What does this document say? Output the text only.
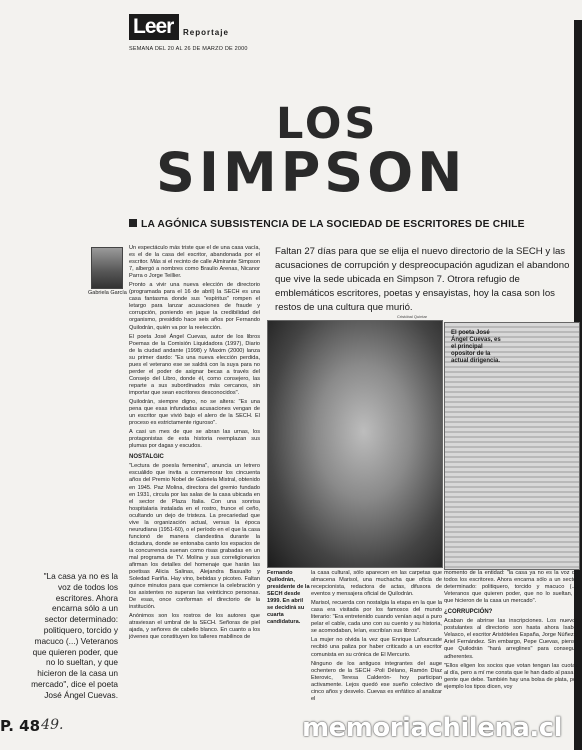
Leer	Reportaje
SEMANA DEL 20 AL 26 DE MARZO DE 2000
LOS
SIMPSON
LA AGÓNICA SUBSISTENCIA DE LA SOCIEDAD DE ESCRITORES DE CHILE
Gabriela García

Un espectáculo más triste que el de una casa vacía, es el de la casa del escritor, abandonada por el escritor. Más si el recinto de calle Almirante Simpson 7, albergó a nombres como Braulio Arenas, Nicanor Parra o Jorge Teillier.

Pronto a vivir una nueva elección de directorio (programada para el 16 de abril) la SECH es una casa fantasma donde sus "espíritus" rompen el letargo para lanzar acusaciones de fraude y corrupción, poniendo en jaque la credibilidad del organismo, presidido hace seis años por Fernando Quilodrán, quién va por la reelección.

El poeta José Ángel Cuevas, autor de los libros Poemas de la Comisión Liquidadora (1997), Diario de la ciudad andante (1998) y Maxim (2000) lanza su primer dardo: "Es una nueva elección perdida, pues el veterano ese se saldrá con la suya para no perder el poder de asignar becas a través del Consejo del Libro, donde él, como consejero, las reparte a sus subordinados más cercanos, sin importar que sean escritores desconocidos".

Quilodrán, siempre digno, no se altera: "Es una pena que esas infundadas acusaciones vengan de un escritor que vivió bajo el alero de la SECH. El proceso es estrictamente riguroso".

A casi un mes de que se abran las urnas, los protagonistas de esta historia reemplazan sus plumas por dagas y escudos.

NOSTALGIC

"Lectura de poesía femenina", anuncia un letrero escuálido que invita a conmemorar los cincuenta años del Premio Nobel de Gabriela Mistral, obtenido en 1945. Paz Molina, directora del gremio fundado en 1931, circula por las salas de la casa ubicada en el sector de Plaza Italia. Con una sonrisa hospitalaria instalada en el rostro, frunce el ceño, ocultando un dejo de tristeza. La precariedad que vive la organización actual, versus la época neurudiana (1951-60), o el período en el que la casa funcionó de manera clandestina durante la dictadura, donde se entonaba canto los espacios de la concurrencia suenan como risas grabadas en un mal programa de TV. Molina y sus correligionarios afirman los detalles del homenaje que harán las poetisas Alicia Salinas, Alejandra Basualto y Soledad Fariña. Hay vino, bebidas y picoteo. Faltan quince minutos para que comience la celebración y los asistentes no superan las veinticinco personas. De esas, once conforman el directorio de la institución.

Anónimos son los rostros de los autores que atraviesan el umbral de la SECH. Señoras de piel ajada, y señores de cabello blanco. En cuanto a los jóvenes que constituyen los talleres mabilinos de

Faltan 27 días para que se elija el nuevo directorio de la SECH y las acusaciones de corrupción y despreocupación agudizan el abandono que vive la sede ubicada en Simpson 7. Otrora refugio de emblemáticos escritores, poetas y ensayistas, hoy la casa son los restos de una cultura que murió.
Cristóbal Quintar
El poeta José Ángel Cuevas, es el principal opositor de la actual dirigencia.
Fernando Quilodrán, presidente de la SECH desde 1999. En abril se decidirá su cuarta candidatura.

la casa cultural, sólo aparecen en las carpetas que almacena Marisol, una muchacha que oficia de recepcionista, redactora de actas, difusora de eventos y mensajera oficial de Quilodrán.

Marisol, recuerda con nostalgia la etapa en la que la casa era visitada por los famosos del mundo literario: "Era entretenido cuando venían aquí a puro pelar el cable, cada uno con su cuento y su historia, se acomodaban, leían, escribían sus libros".

La mujer no olvida la vez que Enrique Lafourcade recibió una paliza por haber criticado a un escritor comunista en su crónica de El Mercurio.

Ninguno de los antiguos integrantes del auge ochentero de la SECH -Poli Délano, Ramón Díaz Eterovic, Teresa Calderón- hoy participan activamente. Lejos quedó ese sueño colectivo de cinco años y desvelo. Cuevas es enfático al analizar el

momento de la entidad: "la casa ya no es la voz de todos los escritores. Ahora encarna sólo a un sector determinado: politiquero, torcido y macuco (...) Veteranos que quieren poder, que no lo sueltan, y que hicieron de la casa un mercado".

¿CORRUPCIÓN?

Acaban de abrirse las inscripciones. Los nuevos postulantes al directorio son hasta ahora Isabel Velasco, el escritor Aristóteles España, Jorge Núñez y Ariel Fernández. Sin embargo, Pepe Cuevas, piensa que Quilodrán "hará arreglines" para conseguir adherentes.

"Ellos eligen los socios que votan tengan las cuotas al día, pero a mí me consta que le han dado al pasa a gente que debe. También hay una bolsa de plata, por ejemplo los tipos dicen, voy

"La casa ya no es la voz de todos los escritores. Ahora encarna sólo a un sector determinado: politiquero, torcido y macuco (...) Veteranos que quieren poder, que no lo sueltan, y que hicieron de la casa un mercado", dice el poeta José Ángel Cuevas.
P. 48
- 49.	memoriachilena.cl
